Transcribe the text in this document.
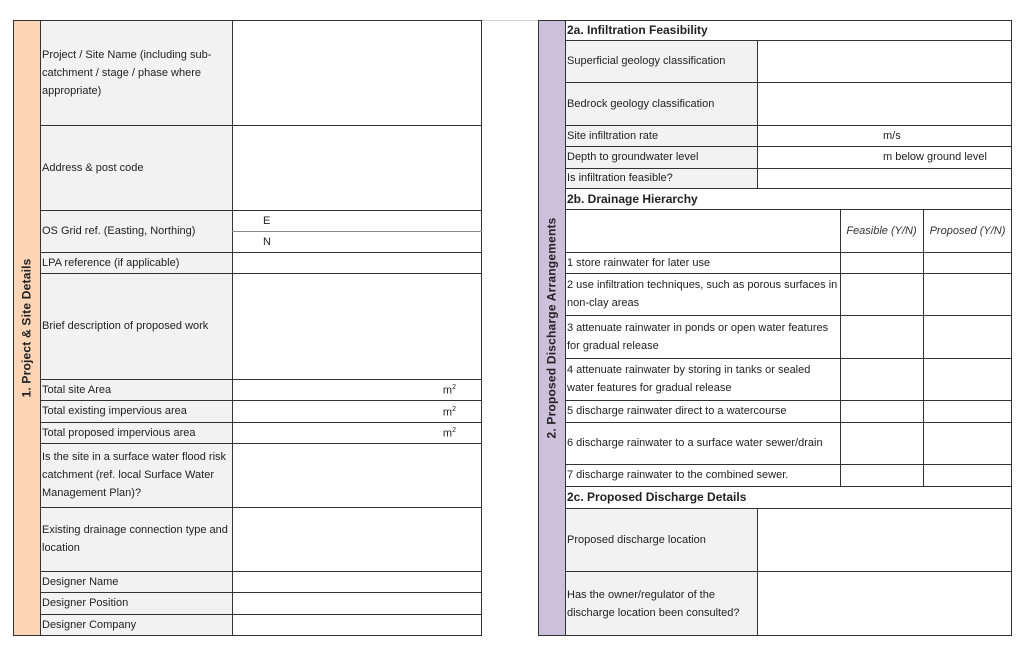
1. Project & Site Details
Project / Site Name (including sub-catchment / stage / phase where appropriate)
Address & post code
OS Grid ref. (Easting, Northing)
E
N
LPA reference (if applicable)
Brief description of proposed work
Total site Area	$m^2$
Total existing impervious area	$m^2$
Total proposed impervious area	$m^2$
Is the site in a surface water flood risk catchment (ref. local Surface Water Management Plan)?
Existing drainage connection type and location
Designer Name
Designer Position
Designer Company
2. Proposed Discharge Arrangements
2a. Infiltration Feasibility
Superficial geology classification
Bedrock geology classification
Site infiltration rate	m/s
Depth to groundwater level	m below ground level
Is infiltration feasible?
2b. Drainage Hierarchy
Feasible (Y/N)	Proposed (Y/N)
1 store rainwater for later use
2 use infiltration techniques, such as porous surfaces in non-clay areas
3 attenuate rainwater in ponds or open water features for gradual release
4 attenuate rainwater by storing in tanks or sealed water features for gradual release
5 discharge rainwater direct to a watercourse
6 discharge rainwater to a surface water sewer/drain
7 discharge rainwater to the combined sewer.
2c. Proposed Discharge Details
Proposed discharge location
Has the owner/regulator of the discharge location been consulted?
